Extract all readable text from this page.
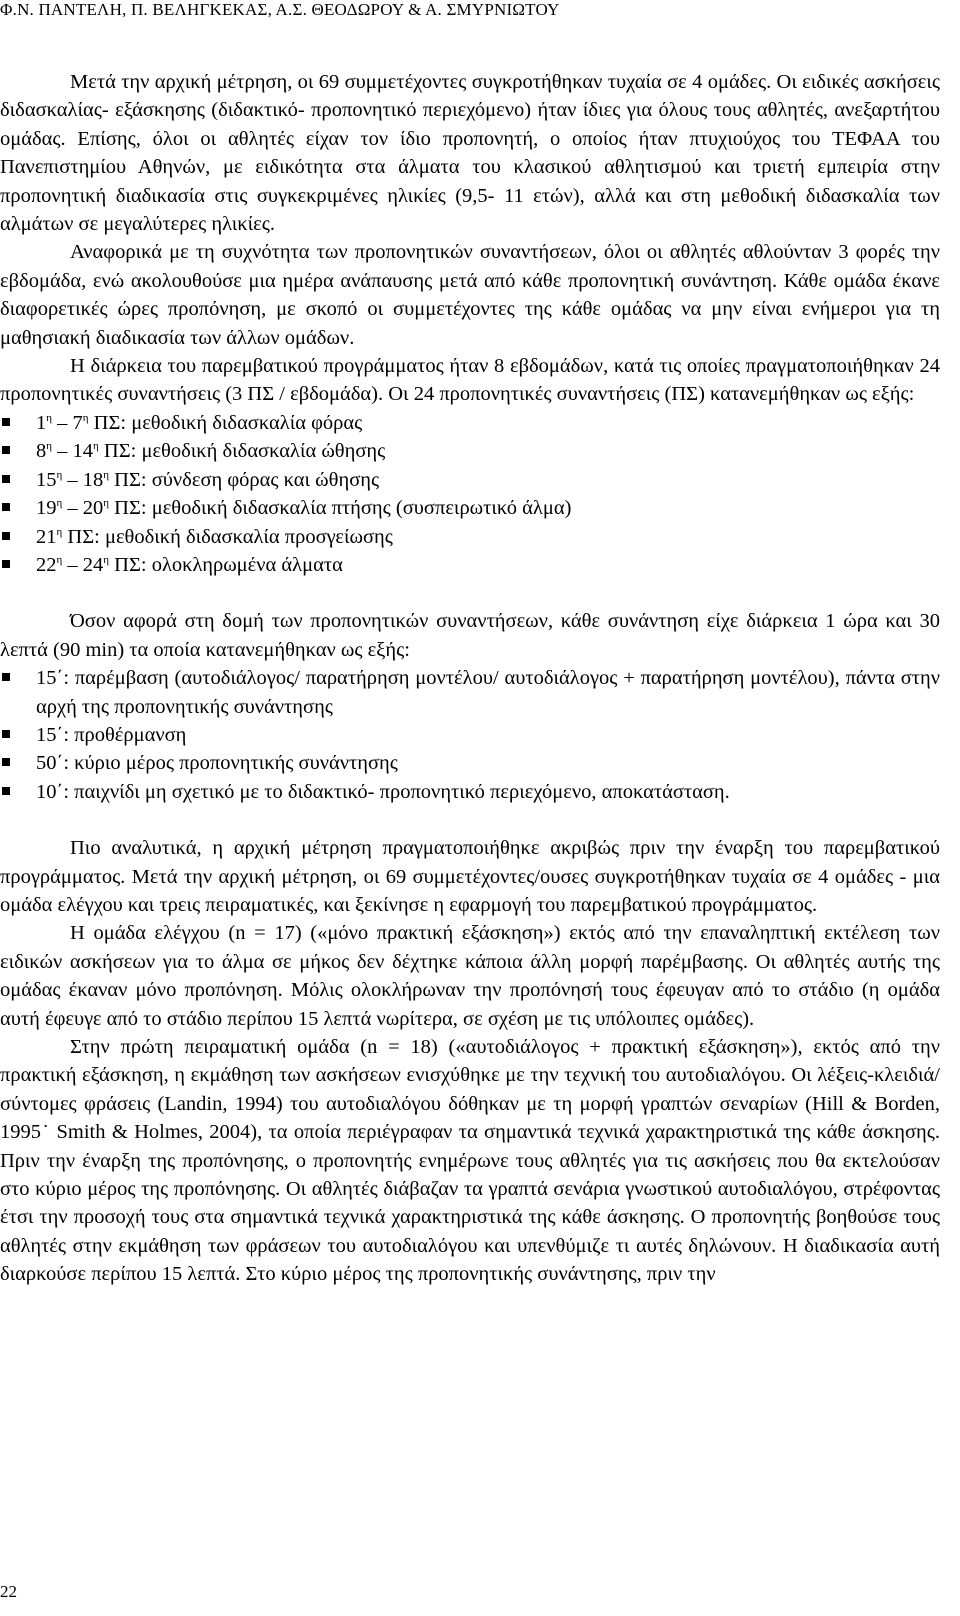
Φ.Ν. ΠΑΝΤΕΛΗ, Π. ΒΕΛΗΓΚΕΚΑΣ, Α.Σ. ΘΕΟΔΩΡΟΥ & Α. ΣΜΥΡΝΙΩΤΟΥ

Μετά την αρχική μέτρηση, οι 69 συμμετέχοντες συγκροτήθηκαν τυχαία σε 4 ομάδες. Οι ειδικές ασκήσεις διδασκαλίας- εξάσκησης (διδακτικό- προπονητικό περιεχόμενο) ήταν ίδιες για όλους τους αθλητές, ανεξαρτήτου ομάδας. Επίσης, όλοι οι αθλητές είχαν τον ίδιο προπονητή, ο οποίος ήταν πτυχιούχος του ΤΕΦΑΑ του Πανεπιστημίου Αθηνών, με ειδικότητα στα άλματα του κλασικού αθλητισμού και τριετή εμπειρία στην προπονητική διαδικασία στις συγκεκριμένες ηλικίες (9,5- 11 ετών), αλλά και στη μεθοδική διδασκαλία των αλμάτων σε μεγαλύτερες ηλικίες.

Αναφορικά με τη συχνότητα των προπονητικών συναντήσεων, όλοι οι αθλητές αθλούνταν 3 φορές την εβδομάδα, ενώ ακολουθούσε μια ημέρα ανάπαυσης μετά από κάθε προπονητική συνάντηση. Κάθε ομάδα έκανε διαφορετικές ώρες προπόνηση, με σκοπό οι συμμετέχοντες της κάθε ομάδας να μην είναι ενήμεροι για τη μαθησιακή διαδικασία των άλλων ομάδων.

Η διάρκεια του παρεμβατικού προγράμματος ήταν 8 εβδομάδων, κατά τις οποίες πραγματοποιήθηκαν 24 προπονητικές συναντήσεις (3 ΠΣ / εβδομάδα). Οι 24 προπονητικές συναντήσεις (ΠΣ) κατανεμήθηκαν ως εξής:

$1^\eta - 7^\eta$ ΠΣ: μεθοδική διδασκαλία φόρας
$8^\eta - 14^\eta$ ΠΣ: μεθοδική διδασκαλία ώθησης
$15^\eta - 18^\eta$ ΠΣ: σύνδεση φόρας και ώθησης
$19^\eta - 20^\eta$ ΠΣ: μεθοδική διδασκαλία πτήσης (συσπειρωτικό άλμα)
$21^\eta$ ΠΣ: μεθοδική διδασκαλία προσγείωσης
$22^\eta - 24^\eta$ ΠΣ: ολοκληρωμένα άλματα

Όσον αφορά στη δομή των προπονητικών συναντήσεων, κάθε συνάντηση είχε διάρκεια 1 ώρα και 30 λεπτά (90 min) τα οποία κατανεμήθηκαν ως εξής:

15΄: παρέμβαση (αυτοδιάλογος/ παρατήρηση μοντέλου/ αυτοδιάλογος + παρατήρηση μοντέλου), πάντα στην αρχή της προπονητικής συνάντησης
15΄: προθέρμανση
50΄: κύριο μέρος προπονητικής συνάντησης
10΄: παιχνίδι μη σχετικό με το διδακτικό- προπονητικό περιεχόμενο, αποκατάσταση.

Πιο αναλυτικά, η αρχική μέτρηση πραγματοποιήθηκε ακριβώς πριν την έναρξη του παρεμβατικού προγράμματος. Μετά την αρχική μέτρηση, οι 69 συμμετέχοντες/ουσες συγκροτήθηκαν τυχαία σε 4 ομάδες - μια ομάδα ελέγχου και τρεις πειραματικές, και ξεκίνησε η εφαρμογή του παρεμβατικού προγράμματος.

Η ομάδα ελέγχου (n = 17) («μόνο πρακτική εξάσκηση») εκτός από την επαναληπτική εκτέλεση των ειδικών ασκήσεων για το άλμα σε μήκος δεν δέχτηκε κάποια άλλη μορφή παρέμβασης. Οι αθλητές αυτής της ομάδας έκαναν μόνο προπόνηση. Μόλις ολοκλήρωναν την προπόνησή τους έφευγαν από το στάδιο (η ομάδα αυτή έφευγε από το στάδιο περίπου 15 λεπτά νωρίτερα, σε σχέση με τις υπόλοιπες ομάδες).

Στην πρώτη πειραματική ομάδα (n = 18) («αυτοδιάλογος + πρακτική εξάσκηση»), εκτός από την πρακτική εξάσκηση, η εκμάθηση των ασκήσεων ενισχύθηκε με την τεχνική του αυτοδιαλόγου. Οι λέξεις-κλειδιά/ σύντομες φράσεις (Landin, 1994) του αυτοδιαλόγου δόθηκαν με τη μορφή γραπτών σεναρίων (Hill & Borden, 1995˙ Smith & Holmes, 2004), τα οποία περιέγραφαν τα σημαντικά τεχνικά χαρακτηριστικά της κάθε άσκησης. Πριν την έναρξη της προπόνησης, ο προπονητής ενημέρωνε τους αθλητές για τις ασκήσεις που θα εκτελούσαν στο κύριο μέρος της προπόνησης. Οι αθλητές διάβαζαν τα γραπτά σενάρια γνωστικού αυτοδιαλόγου, στρέφοντας έτσι την προσοχή τους στα σημαντικά τεχνικά χαρακτηριστικά της κάθε άσκησης. Ο προπονητής βοηθούσε τους αθλητές στην εκμάθηση των φράσεων του αυτοδιαλόγου και υπενθύμιζε τι αυτές δηλώνουν. Η διαδικασία αυτή διαρκούσε περίπου 15 λεπτά. Στο κύριο μέρος της προπονητικής συνάντησης, πριν την

22
